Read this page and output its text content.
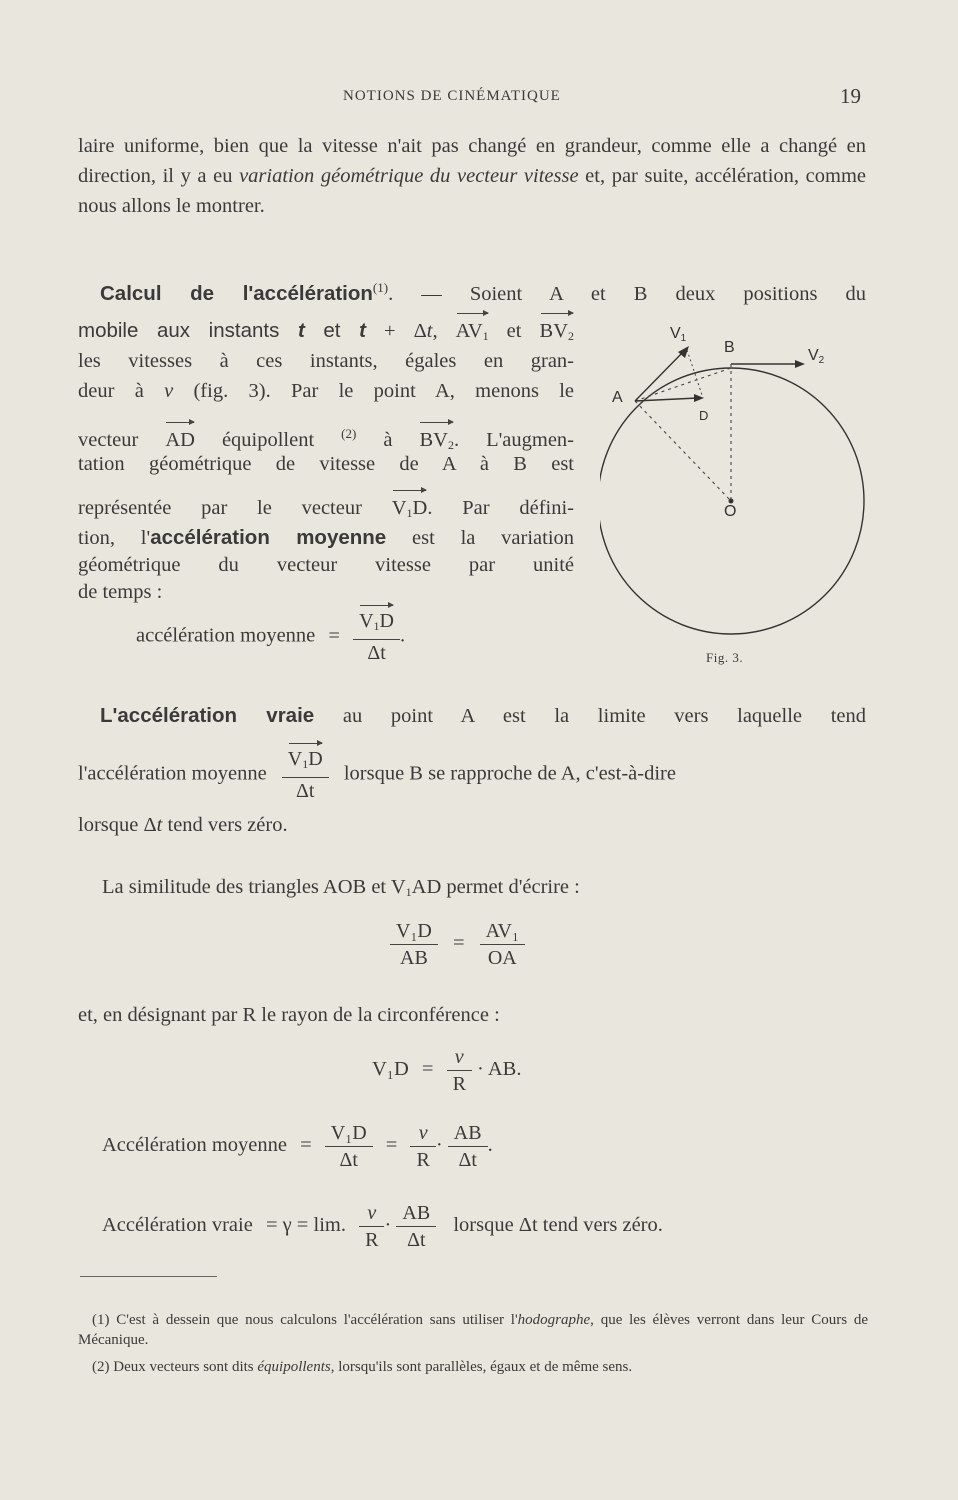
NOTIONS DE CINÉMATIQUE	19

laire uniforme, bien que la vitesse n'ait pas changé en grandeur, comme elle a changé en direction, il y a eu variation géométrique du vecteur vitesse et, par suite, accélération, comme nous allons le montrer.

Calcul de l'accélération$^{(1)}$. — Soient A et B deux positions du

mobile aux instants t et t + Δt, $AV_1$ et $BV_2$
les vitesses à ces instants, égales en gran-
deur à v (fig. 3). Par le point A, menons le
vecteur AD équipollent $^{(2)}$ à $BV_2$. L'augmen-
tation géométrique de vitesse de A à B est
représentée par le vecteur $V_1D$. Par défini-
tion, l'accélération moyenne est la variation
géométrique du vecteur vitesse par unité
de temps :
accélération moyenne = $\frac{V_1D}{\Delta t}$ .
V1
B	V2
A
D
O
Fig. 3.

L'accélération vraie au point A est la limite vers laquelle tend

l'accélération moyenne $\frac{V_1D}{\Delta t}$ lorsque B se rapproche de A, c'est-à-dire

lorsque Δt tend vers zéro.

La similitude des triangles AOB et $V_1AD$ permet d'écrire :

$\frac{\text{V₁D}}{AB} = \frac{\text{AV₁}}{OA}$

et, en désignant par R le rayon de la circonférence :

$V_1D = \frac{v}{R}$ · AB.
Accélération moyenne = $\frac{\text{V₁D}}{\Delta t} = \frac{v}{R} \cdot \frac{AB}{\Delta t}$ .
Accélération vraie = γ = lim. $\frac{v}{R} \cdot \frac{AB}{\Delta t}$ lorsque Δt tend vers zéro.

(1) C'est à dessein que nous calculons l'accélération sans utiliser l'hodographe, que les élèves verront dans leur Cours de Mécanique.

(2) Deux vecteurs sont dits équipollents, lorsqu'ils sont parallèles, égaux et de même sens.
